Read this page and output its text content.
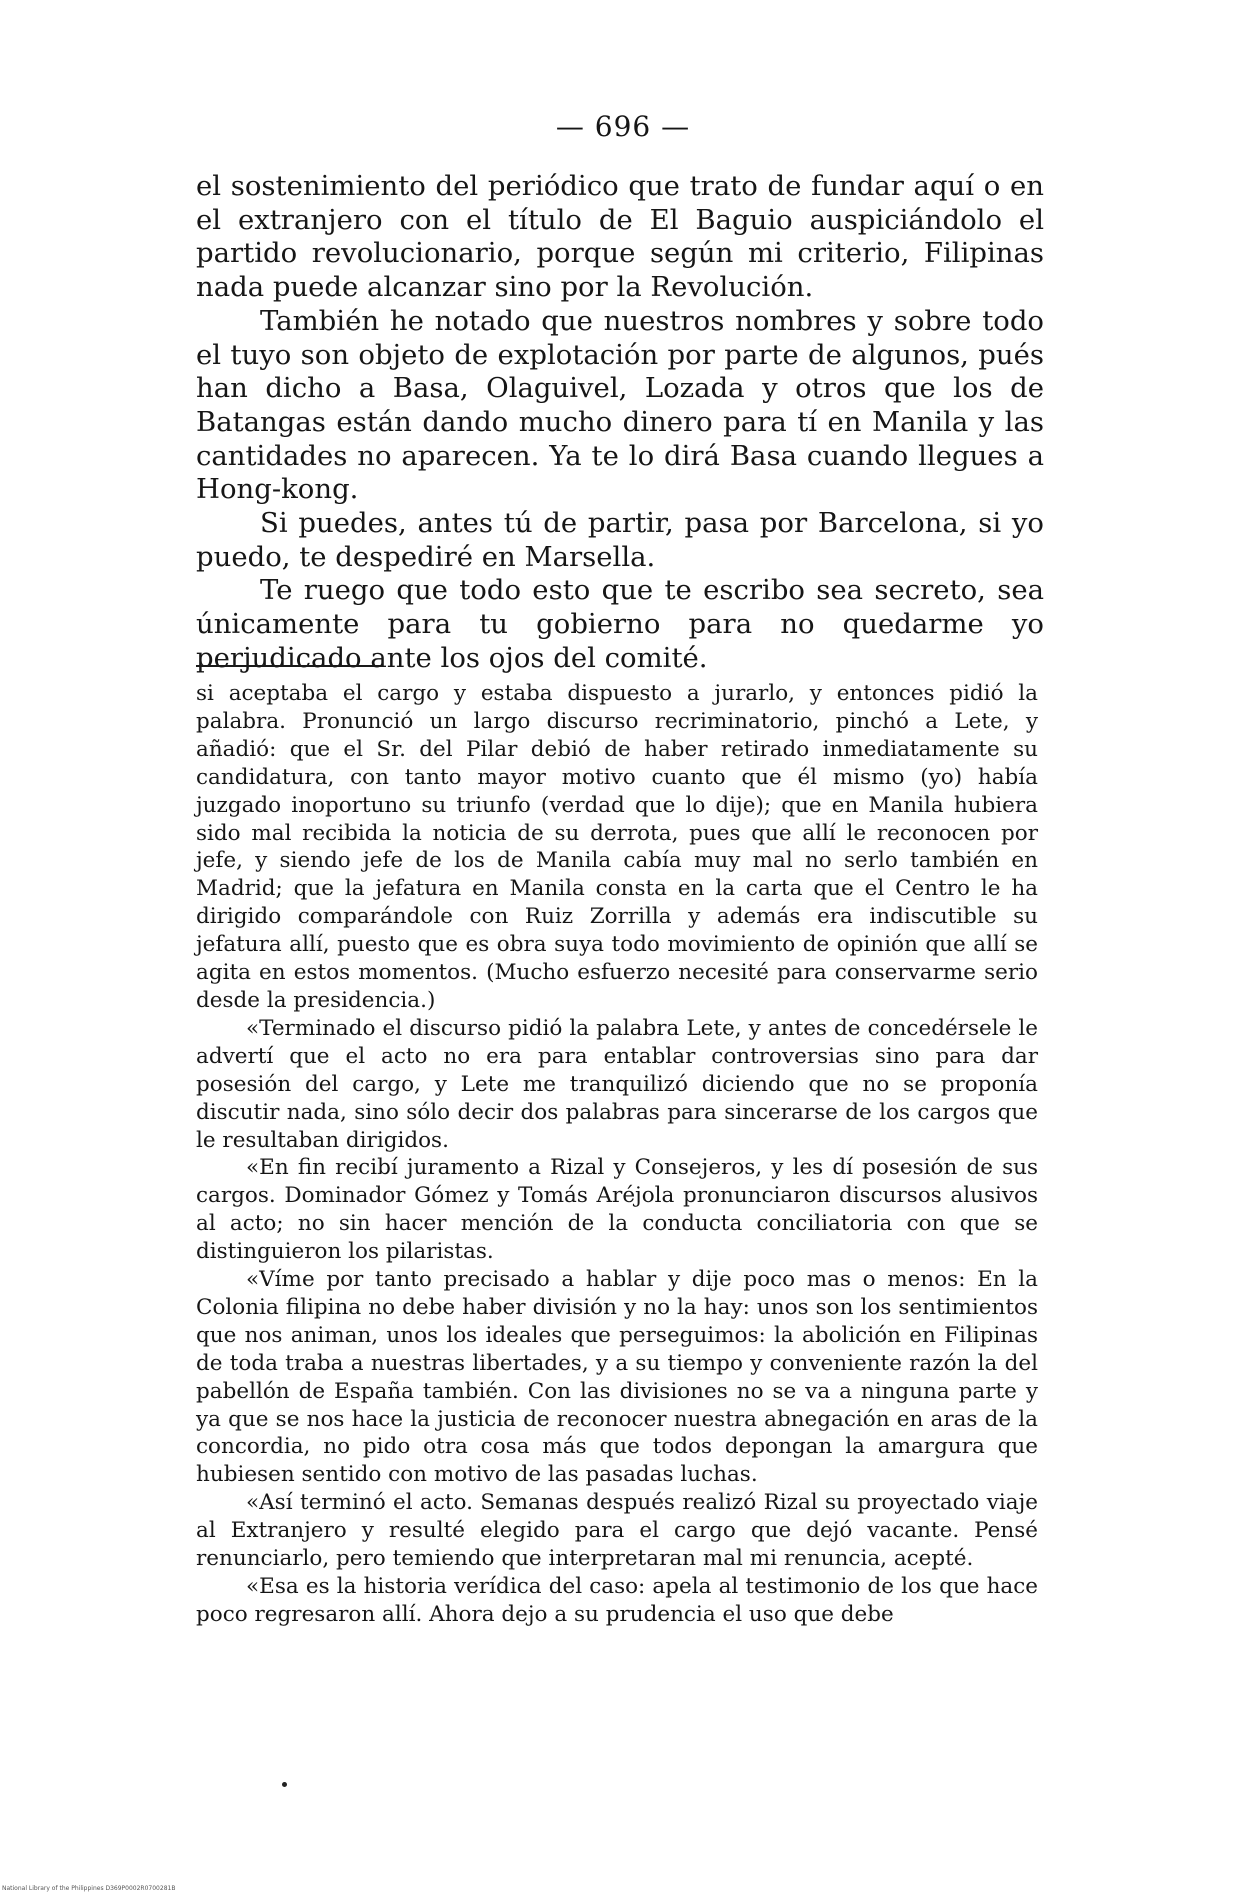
— 696 —

el sostenimiento del periódico que trato de fundar aquí o en el extranjero con el título de El Baguio auspiciándolo el partido revolucionario, porque según mi criterio, Filipinas nada puede alcanzar sino por la Revolución.

También he notado que nuestros nombres y sobre todo el tuyo son objeto de explotación por parte de algunos, pués han dicho a Basa, Olaguivel, Lozada y otros que los de Batangas están dando mucho dinero para tí en Manila y las cantidades no aparecen. Ya te lo dirá Basa cuando llegues a Hong-kong.

Si puedes, antes tú de partir, pasa por Barcelona, si yo puedo, te despediré en Marsella.

Te ruego que todo esto que te escribo sea secreto, sea únicamente para tu gobierno para no quedarme yo perjudicado ante los ojos del comité.

si aceptaba el cargo y estaba dispuesto a jurarlo, y entonces pidió la palabra. Pronunció un largo discurso recriminatorio, pinchó a Lete, y añadió: que el Sr. del Pilar debió de haber retirado inmediatamente su candidatura, con tanto mayor motivo cuanto que él mismo (yo) había juzgado inoportuno su triunfo (verdad que lo dije); que en Manila hubiera sido mal recibida la noticia de su derrota, pues que allí le reconocen por jefe, y siendo jefe de los de Manila cabía muy mal no serlo también en Madrid; que la jefatura en Manila consta en la carta que el Centro le ha dirigido comparándole con Ruiz Zorrilla y además era indiscutible su jefatura allí, puesto que es obra suya todo movimiento de opinión que allí se agita en estos momentos. (Mucho esfuerzo necesité para conservarme serio desde la presidencia.)

«Terminado el discurso pidió la palabra Lete, y antes de concedérsele le advertí que el acto no era para entablar controversias sino para dar posesión del cargo, y Lete me tranquilizó diciendo que no se proponía discutir nada, sino sólo decir dos palabras para sincerarse de los cargos que le resultaban dirigidos.

«En fin recibí juramento a Rizal y Consejeros, y les dí posesión de sus cargos. Dominador Gómez y Tomás Aréjola pronunciaron discursos alusivos al acto; no sin hacer mención de la conducta conciliatoria con que se distinguieron los pilaristas.

«Víme por tanto precisado a hablar y dije poco mas o menos: En la Colonia filipina no debe haber división y no la hay: unos son los sentimientos que nos animan, unos los ideales que perseguimos: la abolición en Filipinas de toda traba a nuestras libertades, y a su tiempo y conveniente razón la del pabellón de España también. Con las divisiones no se va a ninguna parte y ya que se nos hace la justicia de reconocer nuestra abnegación en aras de la concordia, no pido otra cosa más que todos depongan la amargura que hubiesen sentido con motivo de las pasadas luchas.

«Así terminó el acto. Semanas después realizó Rizal su proyectado viaje al Extranjero y resulté elegido para el cargo que dejó vacante. Pensé renunciarlo, pero temiendo que interpretaran mal mi renuncia, acepté.

«Esa es la historia verídica del caso: apela al testimonio de los que hace poco regresaron allí. Ahora dejo a su prudencia el uso que debe

National Library of the Philippines D369P0002R0700281B
